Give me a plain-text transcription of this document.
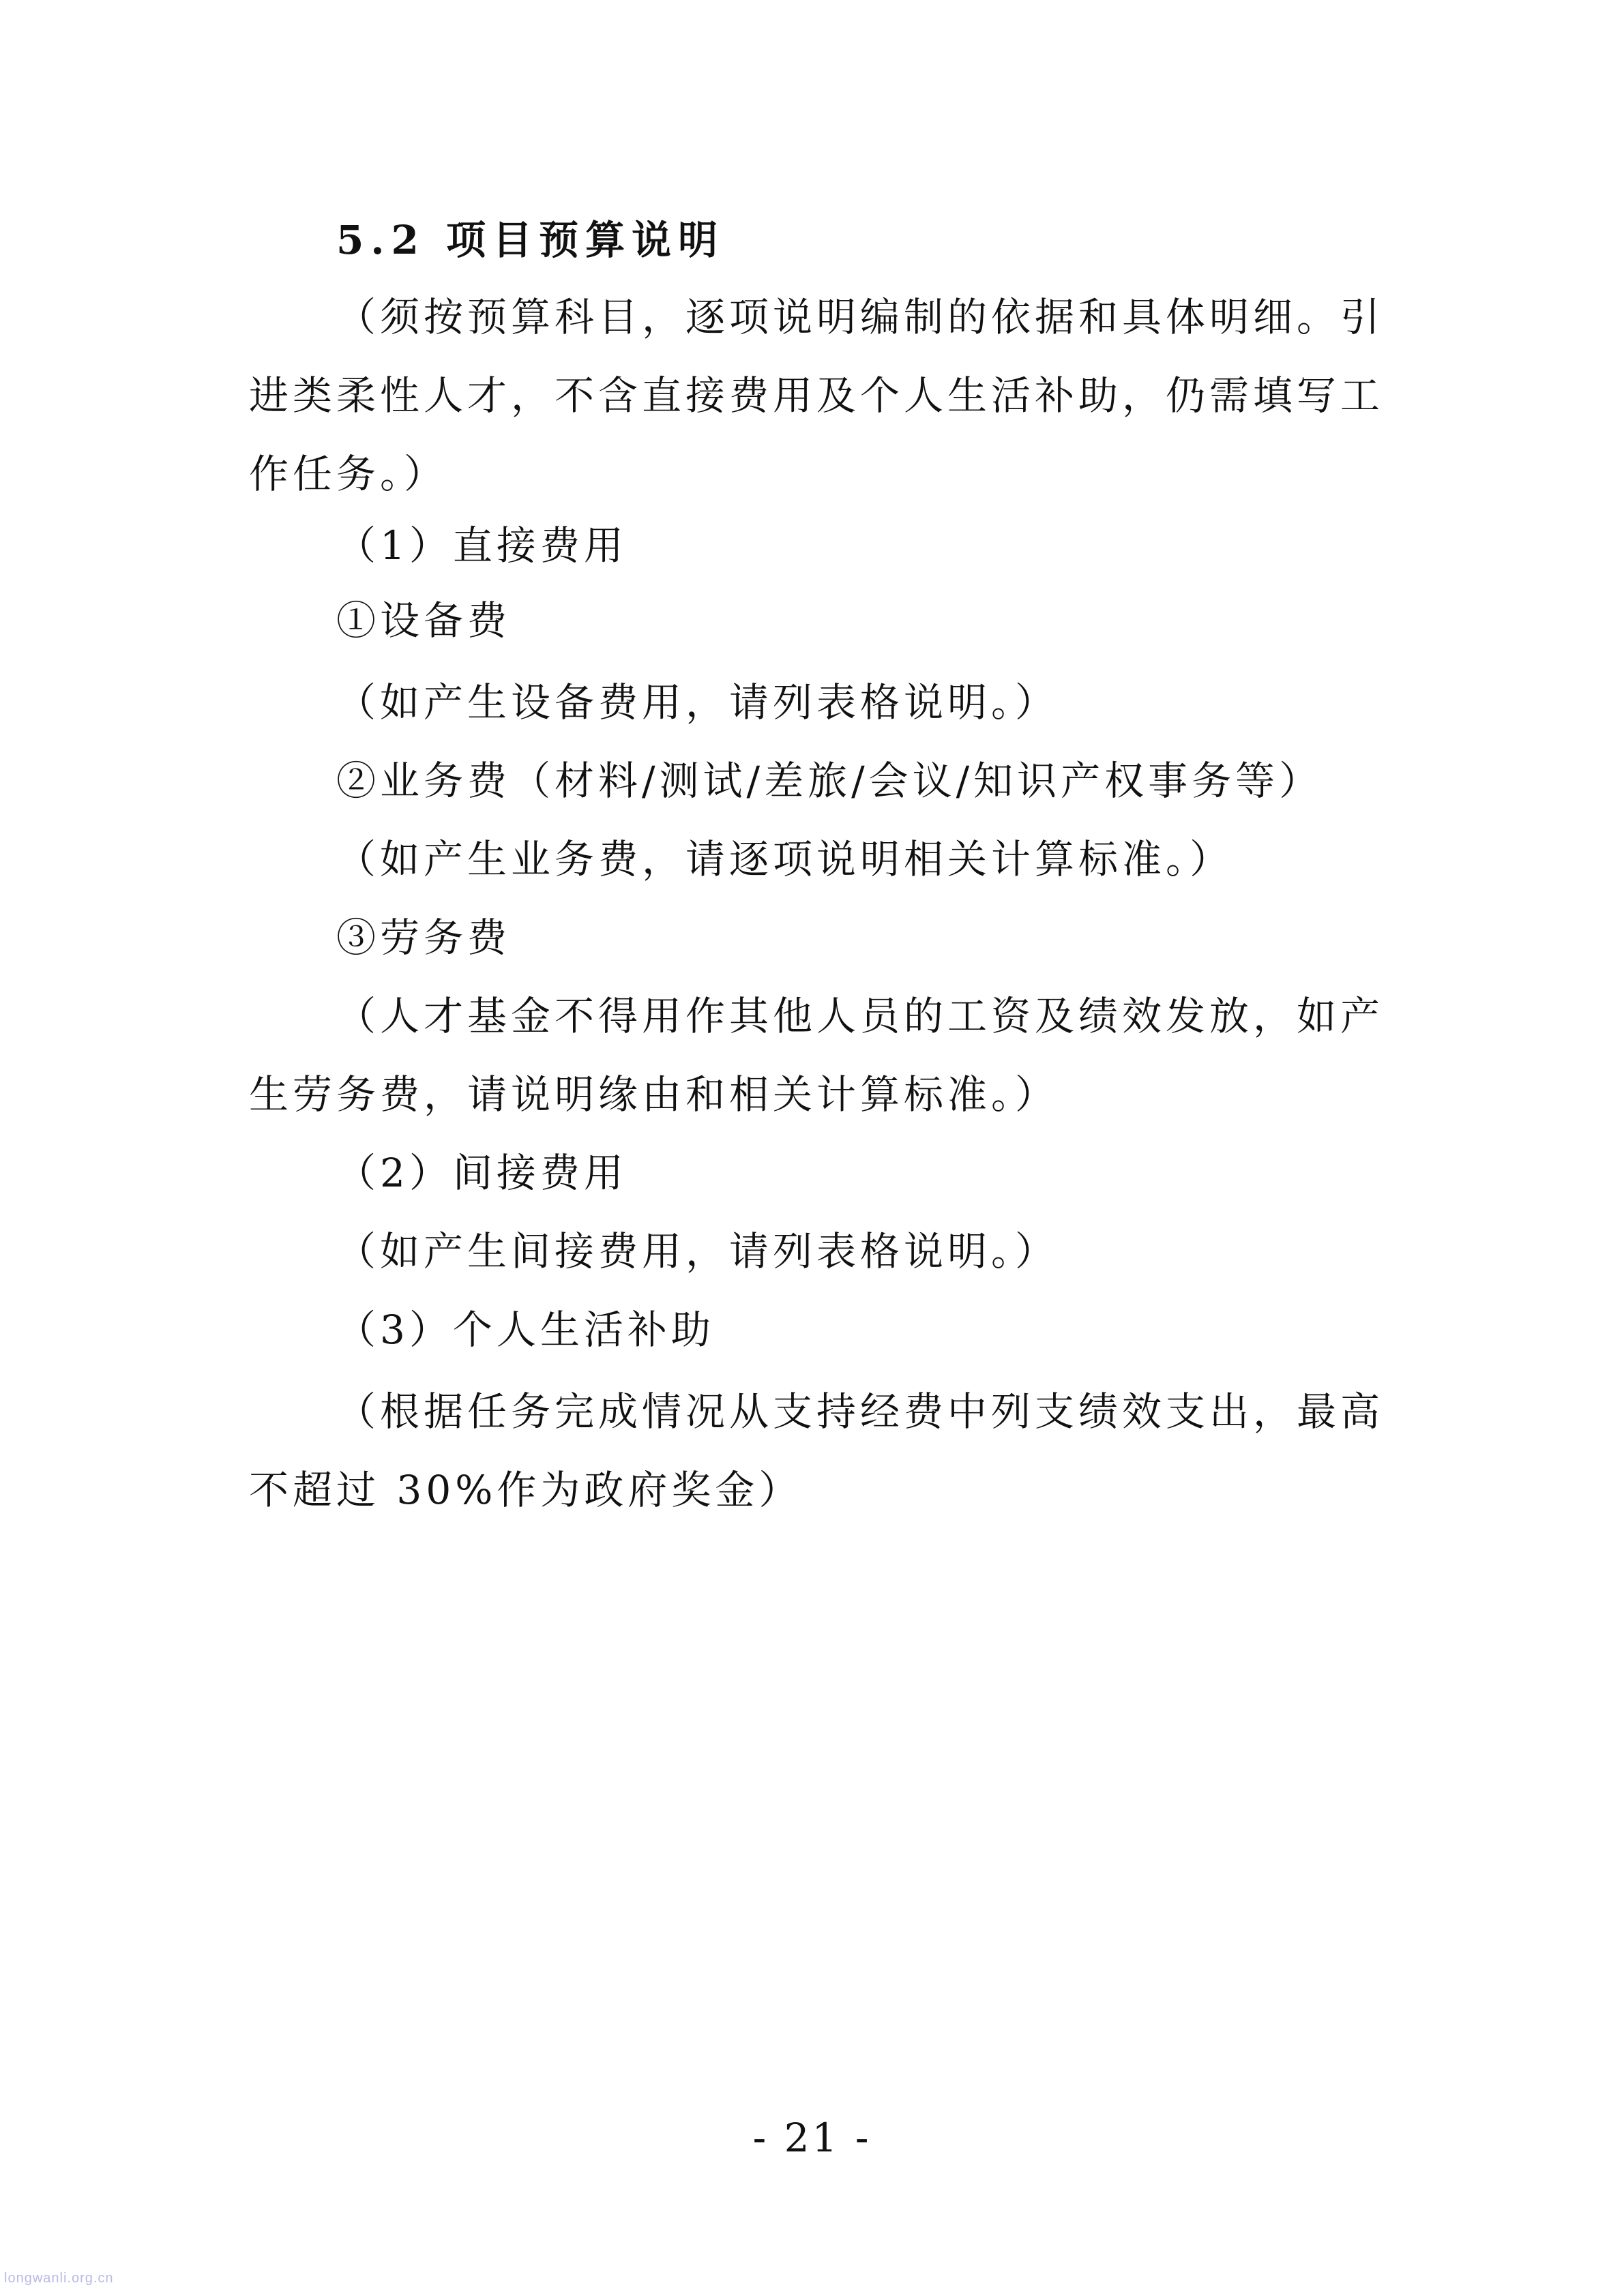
5.2 项目预算说明

（须按预算科目，逐项说明编制的依据和具体明细。引

进类柔性人才，不含直接费用及个人生活补助，仍需填写工

作任务。）

（1）直接费用

①设备费

（如产生设备费用，请列表格说明。）

②业务费（材料/测试/差旅/会议/知识产权事务等）

（如产生业务费，请逐项说明相关计算标准。）

③劳务费

（人才基金不得用作其他人员的工资及绩效发放，如产

生劳务费，请说明缘由和相关计算标准。）

（2）间接费用

（如产生间接费用，请列表格说明。）

（3）个人生活补助

（根据任务完成情况从支持经费中列支绩效支出，最高

不超过 30%作为政府奖金）

- 21 -
longwanli.org.cn
